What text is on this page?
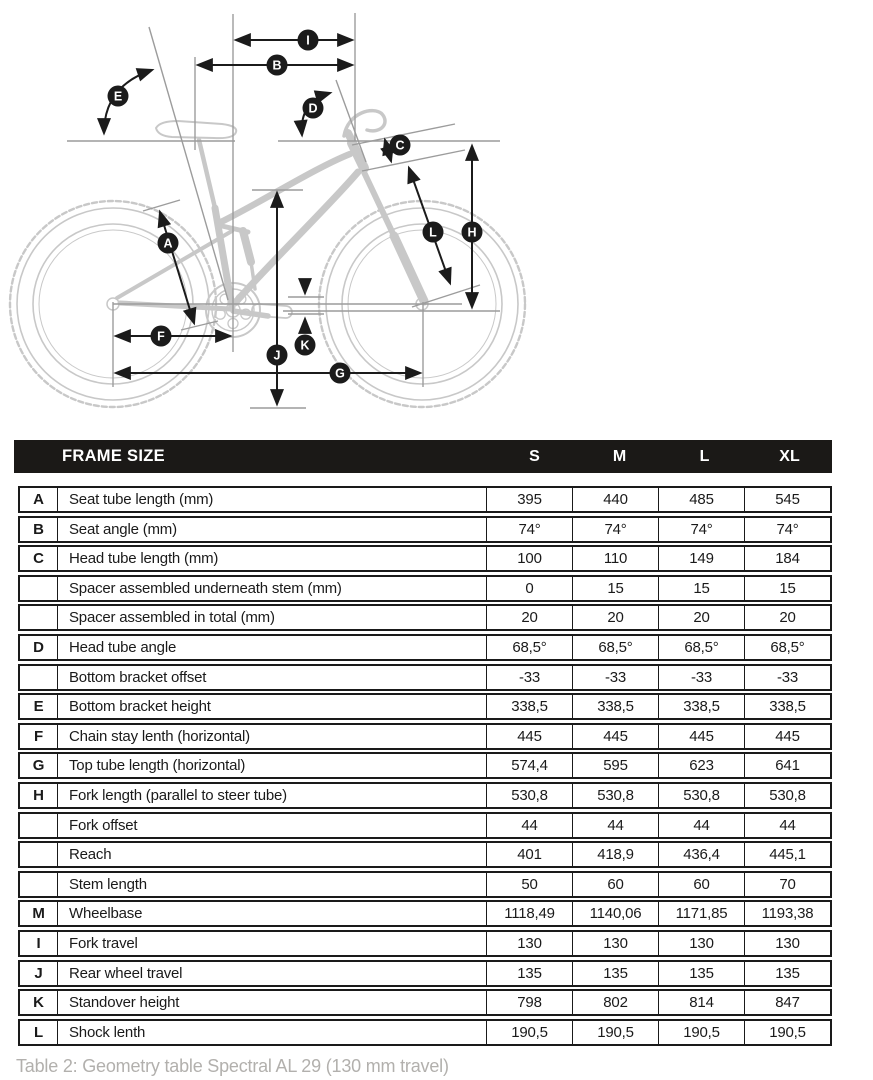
I
B
E
D
C
A
L H
F
K
J
G
FRAME SIZE	S	M	L	XL
A	Seat tube length (mm)	395	440	485	545
B	Seat angle (mm)	74°	74°	74°	74°
C	Head tube length (mm)	100	110	149	184
Spacer assembled underneath stem (mm)	0	15	15	15
Spacer assembled in total (mm)	20	20	20	20
D	Head tube angle	68,5°	68,5°	68,5°	68,5°
Bottom bracket offset	-33	-33	-33	-33
E	Bottom bracket height	338,5	338,5	338,5	338,5
F	Chain stay lenth (horizontal)	445	445	445	445
G	Top tube length (horizontal)	574,4	595	623	641
H	Fork length (parallel to steer tube)	530,8	530,8	530,8	530,8
Fork offset	44	44	44	44
Reach	401	418,9	436,4	445,1
Stem length	50	60	60	70
M	Wheelbase	1118,49	1140,06	1171,85	1193,38
I	Fork travel	130	130	130	130
J	Rear wheel travel	135	135	135	135
K	Standover height	798	802	814	847
L	Shock lenth	190,5	190,5	190,5	190,5
Table 2: Geometry table Spectral AL 29 (130 mm travel)
